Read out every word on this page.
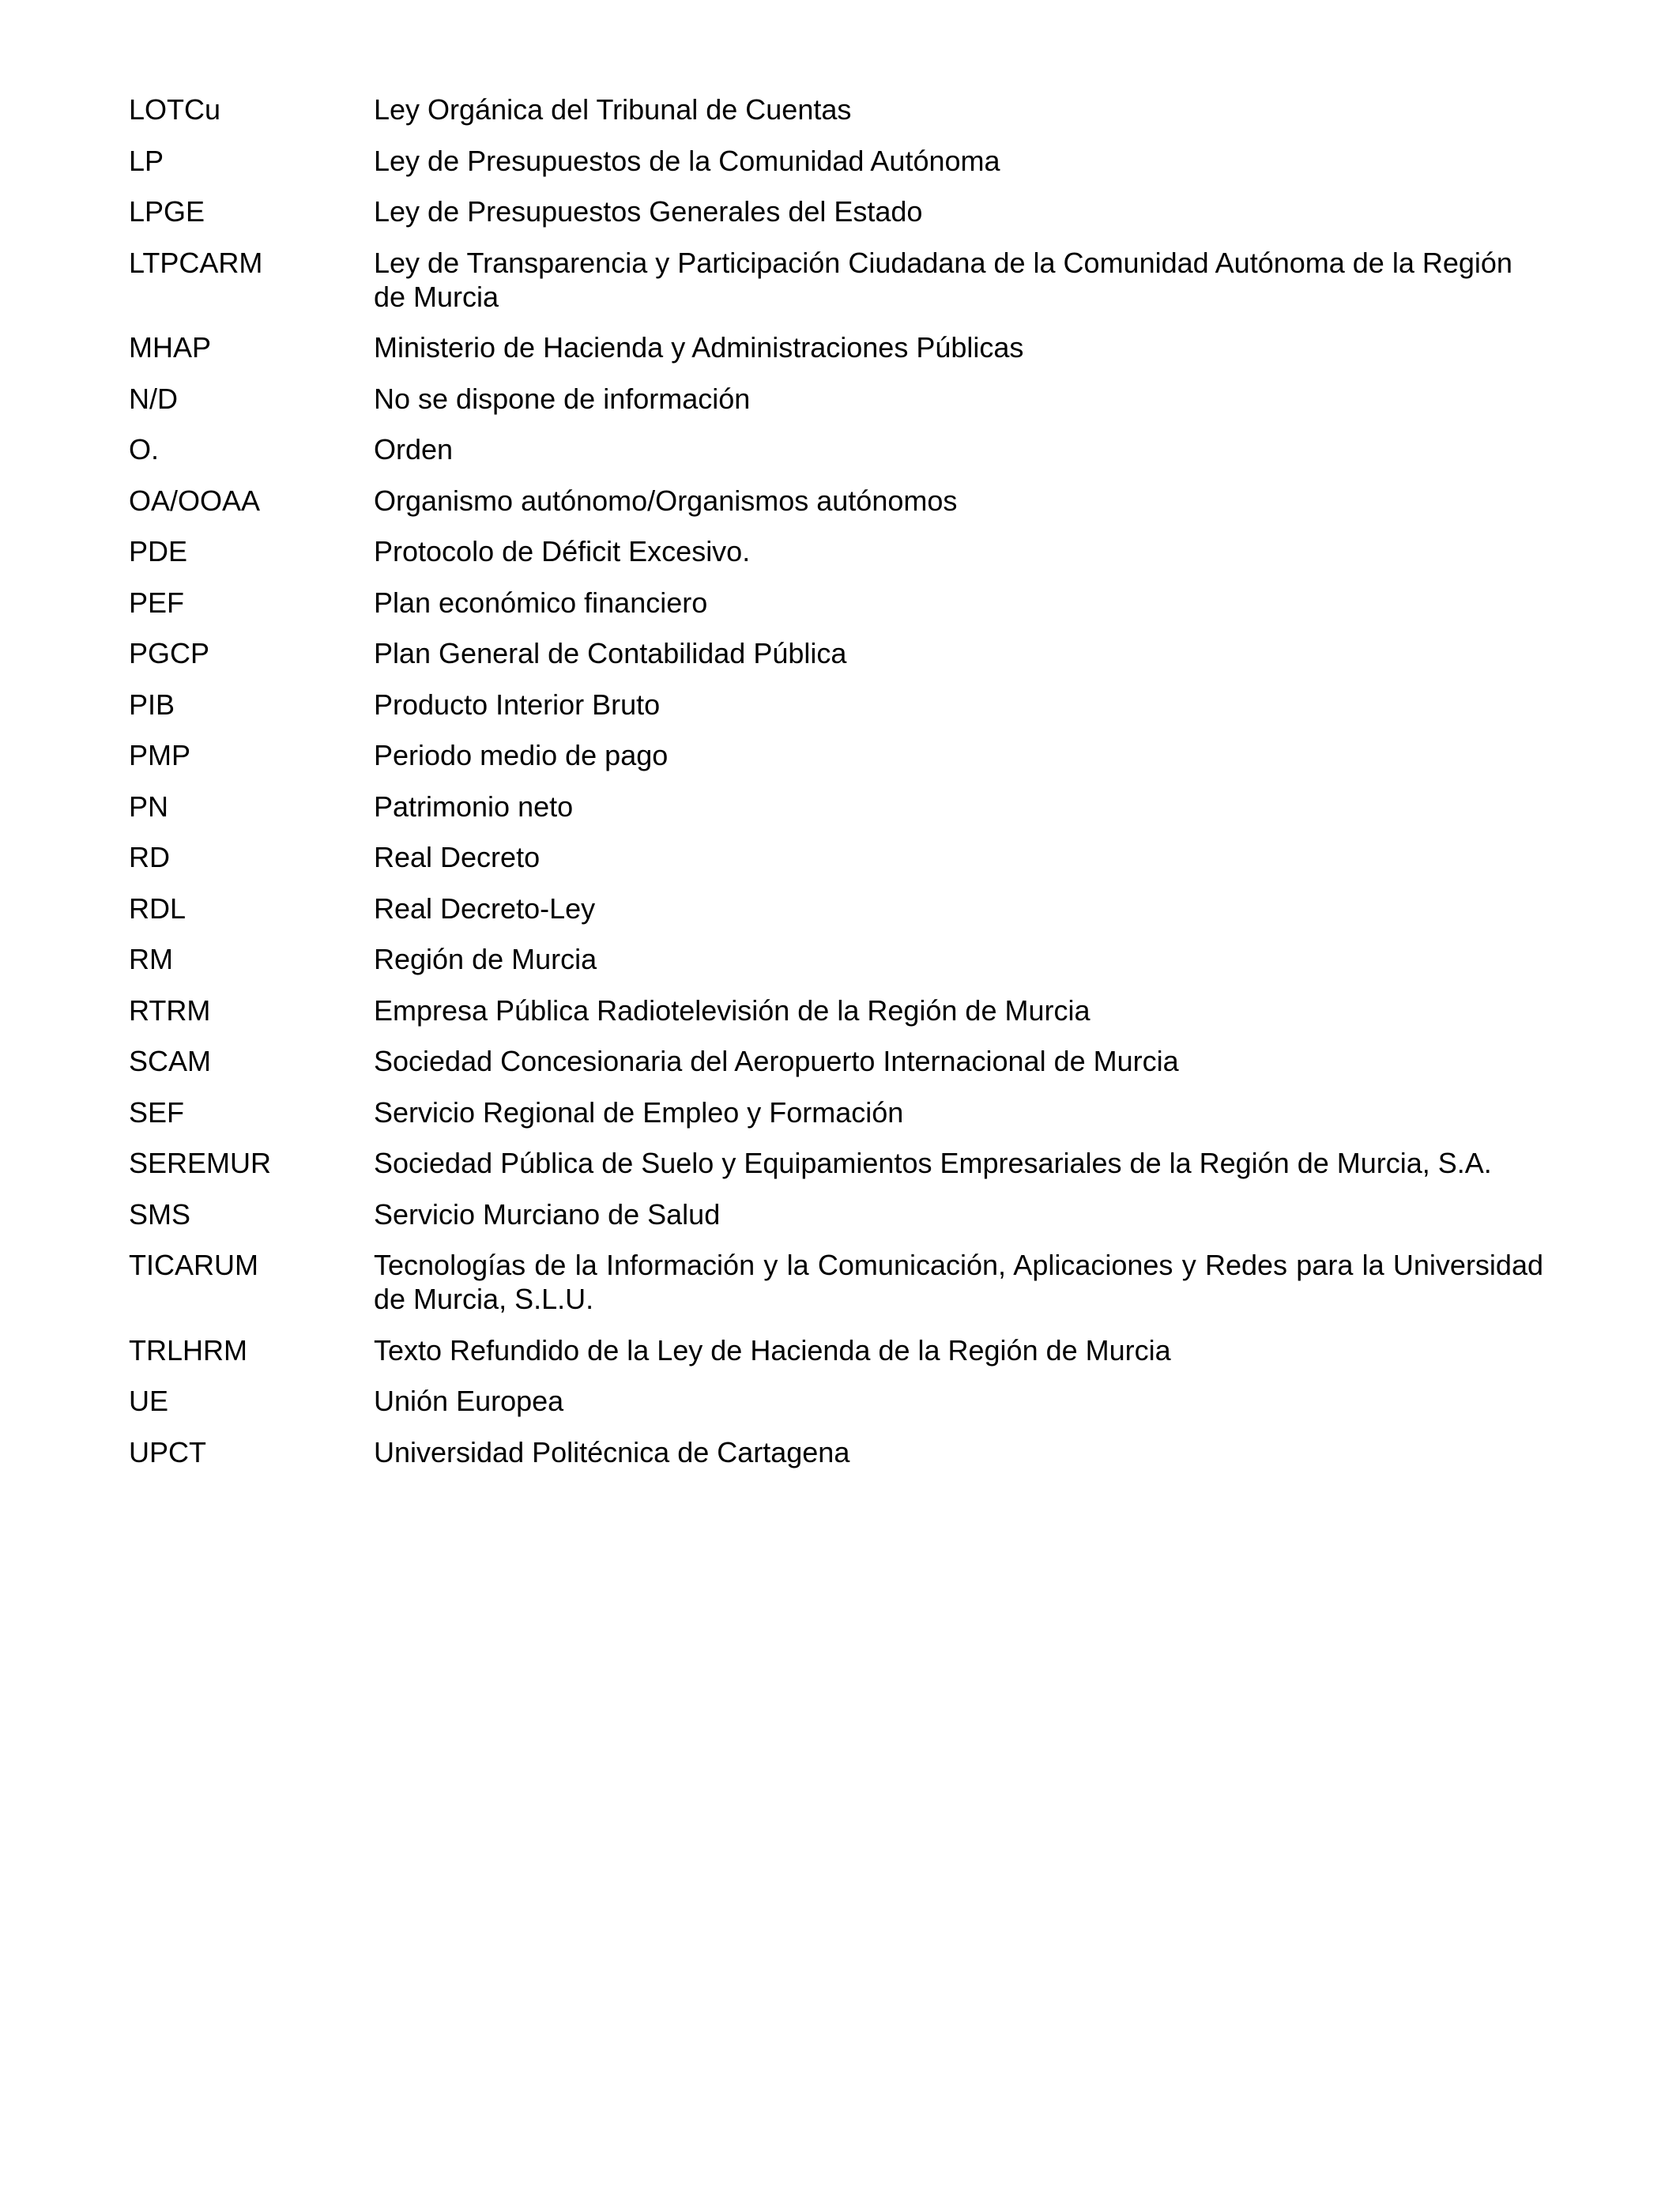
LOTCu	Ley Orgánica del Tribunal de Cuentas
LP	Ley de Presupuestos de la Comunidad Autónoma
LPGE	Ley de Presupuestos Generales del Estado
LTPCARM	Ley de Transparencia y Participación Ciudadana de la Comunidad Autónoma de la Región de Murcia
MHAP	Ministerio de Hacienda y Administraciones Públicas
N/D	No se dispone de información
O.	Orden
OA/OOAA	Organismo autónomo/Organismos autónomos
PDE	Protocolo de Déficit Excesivo.
PEF	Plan económico financiero
PGCP	Plan General de Contabilidad Pública
PIB	Producto Interior Bruto
PMP	Periodo medio de pago
PN	Patrimonio neto
RD	Real Decreto
RDL	Real Decreto-Ley
RM	Región de Murcia
RTRM	Empresa Pública Radiotelevisión de la Región de Murcia
SCAM	Sociedad Concesionaria del Aeropuerto Internacional de Murcia
SEF	Servicio Regional de Empleo y Formación
SEREMUR	Sociedad Pública de Suelo y Equipamientos Empresariales de la Región de Murcia, S.A.
SMS	Servicio Murciano de Salud
TICARUM	Tecnologías de la Información y la Comunicación, Aplicaciones y Redes para la Universidad de Murcia, S.L.U.
TRLHRM	Texto Refundido de la Ley de Hacienda de la Región de Murcia
UE	Unión Europea
UPCT	Universidad Politécnica de Cartagena
